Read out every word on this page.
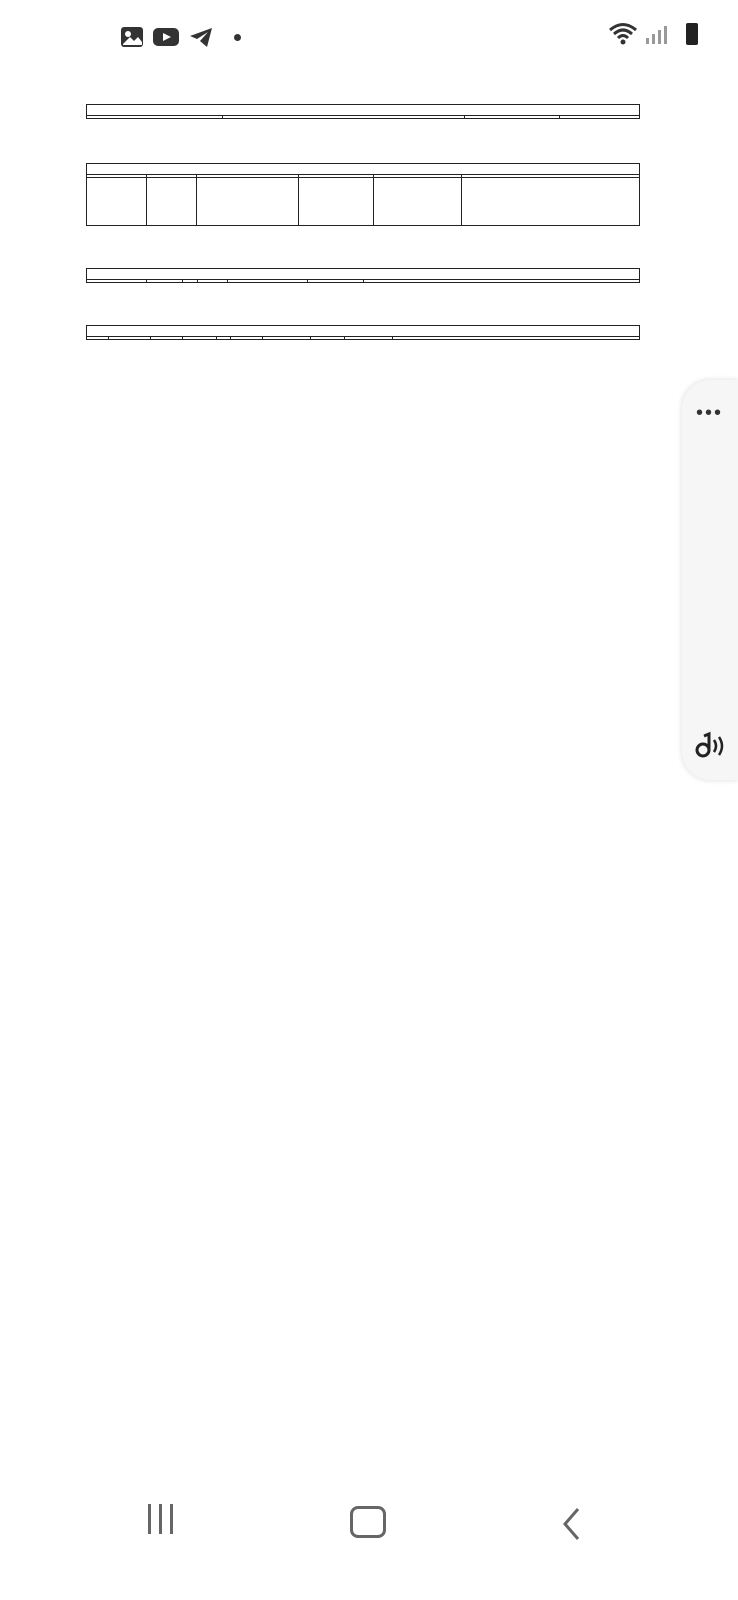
•••
